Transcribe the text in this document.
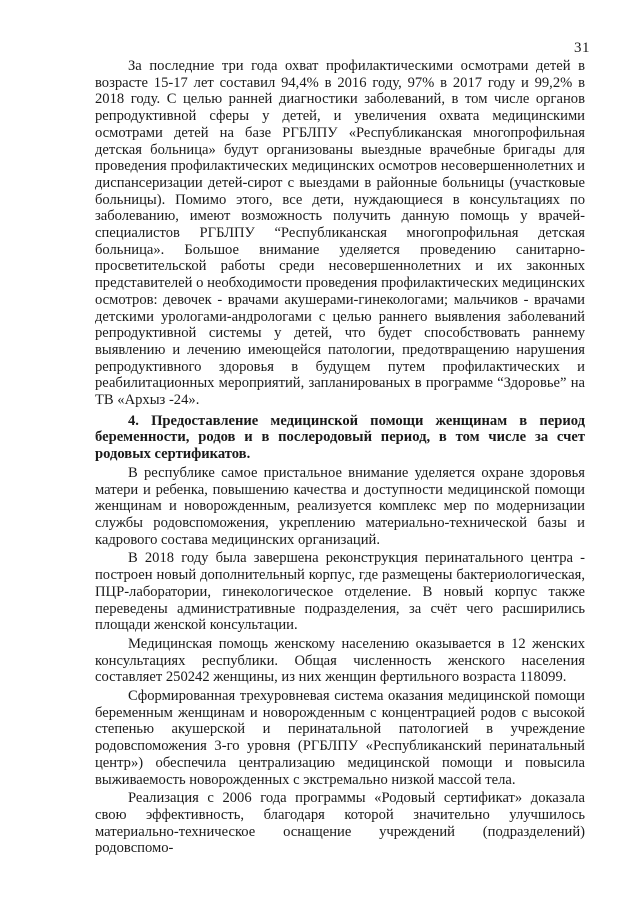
31

За последние три года охват профилактическими осмотрами детей в возрасте 15-17 лет составил 94,4% в 2016 году, 97% в 2017 году и 99,2% в 2018 году. С целью ранней диагностики заболеваний, в том числе органов репродуктивной сферы у детей, и увеличения охвата медицинскими осмотрами детей на базе РГБЛПУ «Республиканская многопрофильная детская больница» будут организованы выездные врачебные бригады для проведения профилактических медицинских осмотров несовершеннолетних и диспансеризации детей-сирот с выездами в районные больницы (участковые больницы). Помимо этого, все дети, нуждающиеся в консультациях по заболеванию, имеют возможность получить данную помощь у врачей-специалистов РГБЛПУ “Республиканская многопрофильная детская больница». Большое внимание уделяется проведению санитарно-просветительской работы среди несовершеннолетних и их законных представителей о необходимости проведения профилактических медицинских осмотров: девочек - врачами акушерами-гинекологами; мальчиков - врачами детскими урологами-андрологами с целью раннего выявления заболеваний репродуктивной системы у детей, что будет способствовать раннему выявлению и лечению имеющейся патологии, предотвращению нарушения репродуктивного здоровья в будущем путем профилактических и реабилитационных мероприятий, запланированых в программе “Здоровье” на ТВ «Архыз -24».

4. Предоставление медицинской помощи женщинам в период беременности, родов и в послеродовый период, в том числе за счет родовых сертификатов.

В республике самое пристальное внимание уделяется охране здоровья матери и ребенка, повышению качества и доступности медицинской помощи женщинам и новорожденным, реализуется комплекс мер по модернизации службы родовспоможения, укреплению материально-технической базы и кадрового состава медицинских организаций.

В 2018 году была завершена реконструкция перинатального центра - построен новый дополнительный корпус, где размещены бактериологическая, ПЦР-лаборатории, гинекологическое отделение. В новый корпус также переведены административные подразделения, за счёт чего расширились площади женской консультации.

Медицинская помощь женскому населению оказывается в 12 женских консультациях республики. Общая численность женского населения составляет 250242 женщины, из них женщин фертильного возраста 118099.

Сформированная трехуровневая система оказания медицинской помощи беременным женщинам и новорожденным с концентрацией родов с высокой степенью акушерской и перинатальной патологией в учреждение родовспоможения 3-го уровня (РГБЛПУ «Республиканский перинатальный центр») обеспечила централизацию медицинской помощи и повысила выживаемость новорожденных с экстремально низкой массой тела.

Реализация с 2006 года программы «Родовый сертификат» доказала свою эффективность, благодаря которой значительно улучшилось материально-техническое оснащение учреждений (подразделений) родовспомо-
